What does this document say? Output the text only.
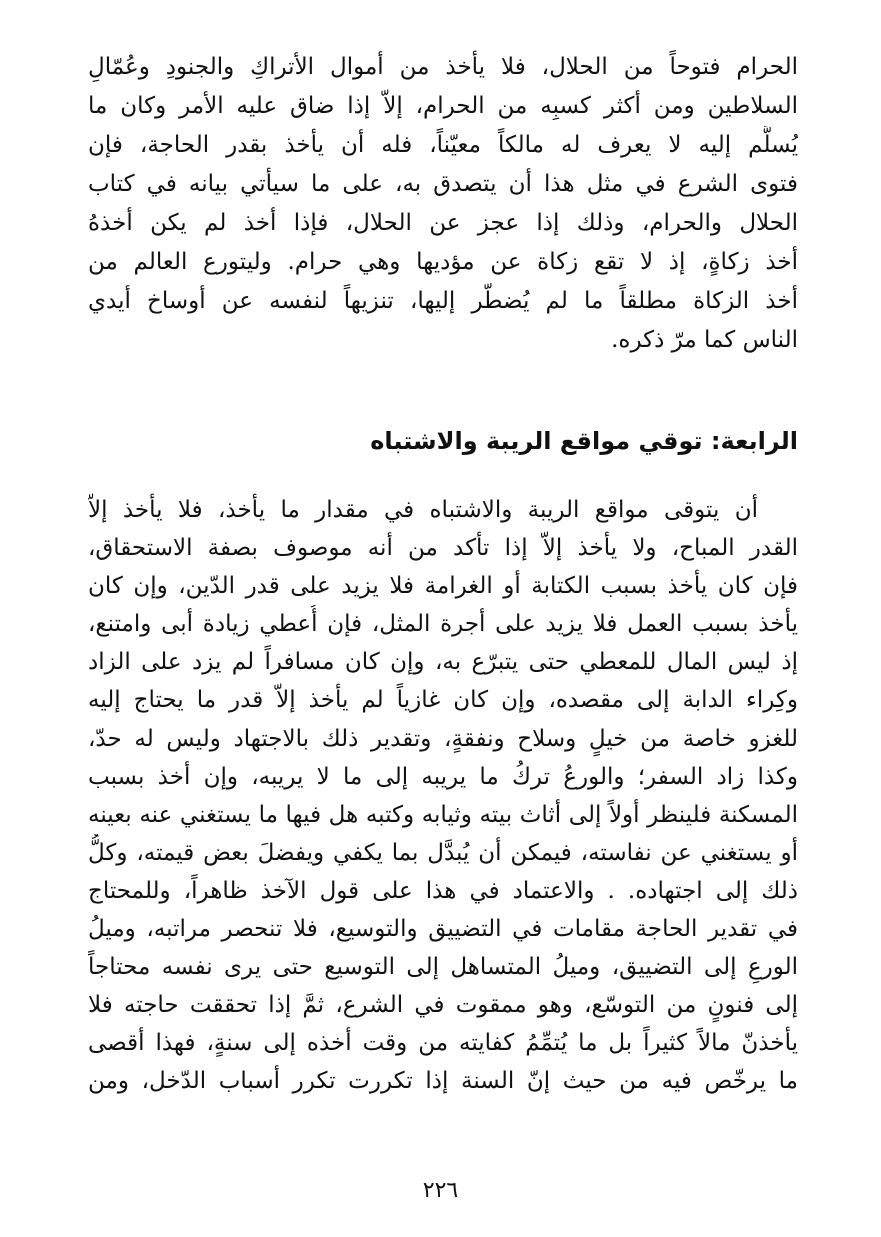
الحرام فتوحاً من الحلال، فلا يأخذ من أموال الأتراكِ والجنودِ وعُمّالِ
السلاطين ومن أكثر كسبِه من الحرام، إلاّ إذا ضاق عليه الأمر وكان ما
يُسلَّم إليه لا يعرف له مالكاً معيّناً، فله أن يأخذ بقدر الحاجة، فإن
فتوى الشرع في مثل هذا أن يتصدق به، على ما سيأتي بيانه في كتاب
الحلال والحرام، وذلك إذا عجز عن الحلال، فإذا أخذ لم يكن أخذهُ
أخذ زكاةٍ، إذ لا تقع زكاة عن مؤديها وهي حرام. وليتورع العالم من
أخذ الزكاة مطلقاً ما لم يُضطّر إليها، تنزيهاً لنفسه عن أوساخ أيدي
الناس كما مرّ ذكره.
الرابعة: توقي مواقع الريبة والاشتباه
أن يتوقى مواقع الريبة والاشتباه في مقدار ما يأخذ، فلا يأخذ إلاّ
القدر المباح، ولا يأخذ إلاّ إذا تأكد من أنه موصوف بصفة الاستحقاق،
فإن كان يأخذ بسبب الكتابة أو الغرامة فلا يزيد على قدر الدّين، وإن كان
يأخذ بسبب العمل فلا يزيد على أجرة المثل، فإن أُعطي زيادة أبى وامتنع،
إذ ليس المال للمعطي حتى يتبرّع به، وإن كان مسافراً لم يزد على الزاد
وكِراء الدابة إلى مقصده، وإن كان غازياً لم يأخذ إلاّ قدر ما يحتاج إليه
للغزو خاصة من خيلٍ وسلاح ونفقةٍ، وتقدير ذلك بالاجتهاد وليس له حدّ،
وكذا زاد السفر؛ والورعُ تركُ ما يريبه إلى ما لا يريبه، وإن أخذ بسبب
المسكنة فلينظر أولاً إلى أثاث بيته وثيابه وكتبه هل فيها ما يستغني عنه بعينه
أو يستغني عن نفاسته، فيمكن أن يُبدَّل بما يكفي ويفضلَ بعض قيمته، وكلُّ
ذلك إلى اجتهاده. . والاعتماد في هذا على قول الآخذ ظاهراً، وللمحتاج
في تقدير الحاجة مقامات في التضييق والتوسيع، فلا تنحصر مراتبه، وميلُ
الورعِ إلى التضييق، وميلُ المتساهل إلى التوسيع حتى يرى نفسه محتاجاً
إلى فنونٍ من التوسّع، وهو ممقوت في الشرع، ثمَّ إذا تحققت حاجته فلا
يأخذنّ مالاً كثيراً بل ما يُتمِّمُ كفايته من وقت أخذه إلى سنةٍ، فهذا أقصى
ما يرخّص فيه من حيث إنّ السنة إذا تكررت تكرر أسباب الدّخل، ومن
٢٢٦
